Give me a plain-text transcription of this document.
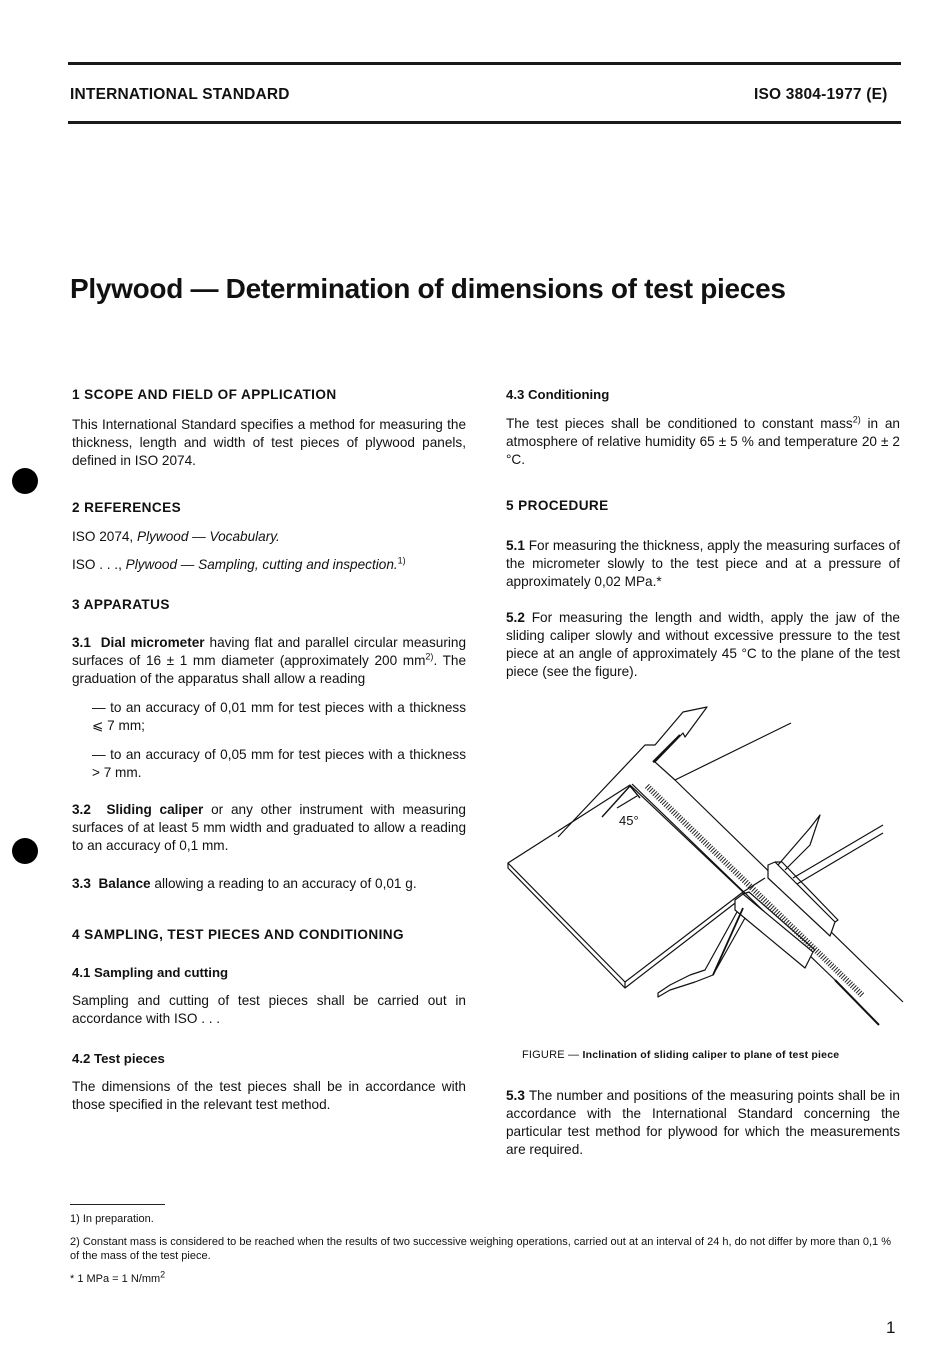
INTERNATIONAL STANDARD	ISO 3804-1977 (E)
Plywood — Determination of dimensions of test pieces
1 SCOPE AND FIELD OF APPLICATION

This International Standard specifies a method for measuring the thickness, length and width of test pieces of plywood panels, defined in ISO 2074.

2 REFERENCES

ISO 2074, Plywood — Vocabulary.

ISO . . ., Plywood — Sampling, cutting and inspection.$^{1)}$

3 APPARATUS

3.1 Dial micrometer having flat and parallel circular measuring surfaces of 16 ± 1 mm diameter (approximately 200 $mm^{2)}$. The graduation of the apparatus shall allow a reading

— to an accuracy of 0,01 mm for test pieces with a thickness ⩽ 7 mm;

— to an accuracy of 0,05 mm for test pieces with a thickness > 7 mm.

3.2 Sliding caliper or any other instrument with measuring surfaces of at least 5 mm width and graduated to allow a reading to an accuracy of 0,1 mm.

3.3 Balance allowing a reading to an accuracy of 0,01 g.

4 SAMPLING, TEST PIECES AND CONDITIONING
4.1 Sampling and cutting

Sampling and cutting of test pieces shall be carried out in accordance with ISO . . .

4.2 Test pieces

The dimensions of the test pieces shall be in accordance with those specified in the relevant test method.

4.3 Conditioning

The test pieces shall be conditioned to constant mass$^{2)}$ in an atmosphere of relative humidity 65 ± 5 % and temperature 20 ± 2 °C.

5 PROCEDURE

5.1 For measuring the thickness, apply the measuring surfaces of the micrometer slowly to the test piece and at a pressure of approximately 0,02 MPa.*

5.2 For measuring the length and width, apply the jaw of the sliding caliper slowly and without excessive pressure to the test piece at an angle of approximately 45 °C to the plane of the test piece (see the figure).

45°
FIGURE — Inclination of sliding caliper to plane of test piece

5.3 The number and positions of the measuring points shall be in accordance with the International Standard concerning the particular test method for plywood for which the measurements are required.

1) In preparation.
2) Constant mass is considered to be reached when the results of two successive weighing operations, carried out at an interval of 24 h, do not differ by more than 0,1 % of the mass of the test piece.
* 1 MPa = 1 $N/mm^2$
1
